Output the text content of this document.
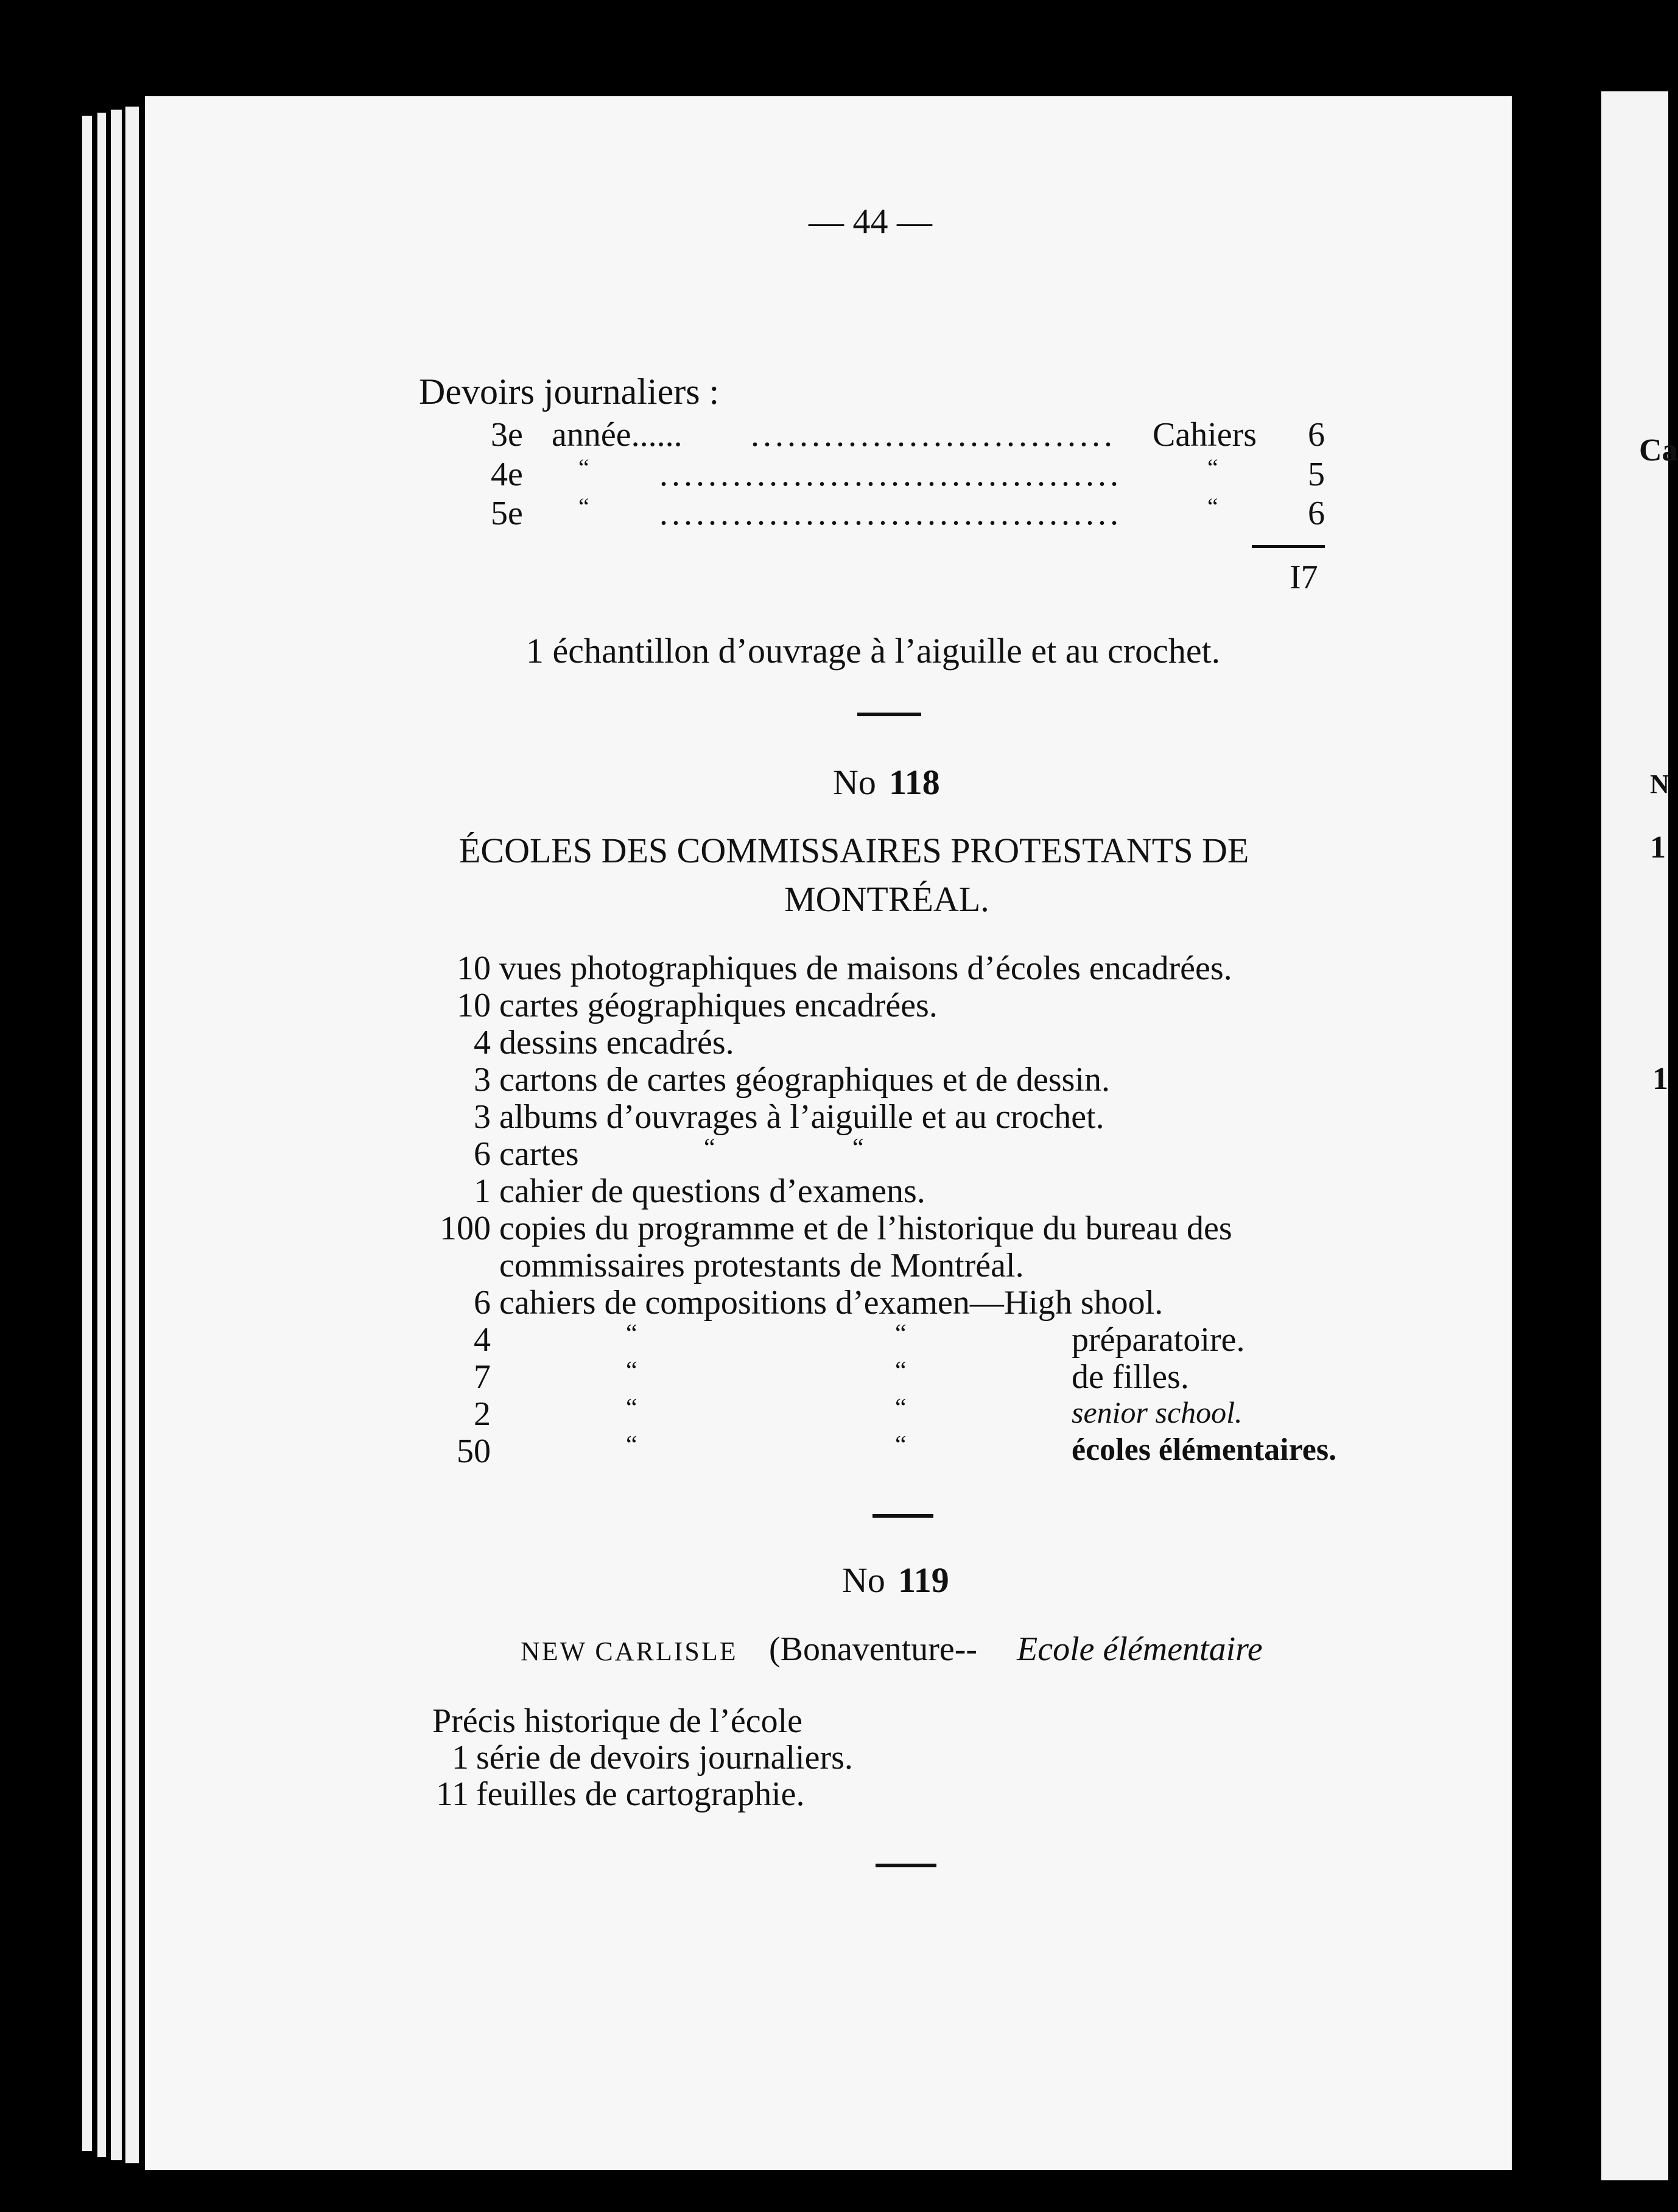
Ca
N
1
1
— 44 —
Devoirs journaliers :
3e année...... .............................. Cahiers 6
4e “ ......................................	“	5
5e “ ......................................	“	6
I7
1 échantillon d’ouvrage à l’aiguille et au crochet.
No 118
ÉCOLES DES COMMISSAIRES PROTESTANTS DE
MONTRÉAL.
10 vues photographiques de maisons d’écoles encadrées.
10 cartes géographiques encadrées.
4 dessins encadrés.
3 cartons de cartes géographiques et de dessin.
3 albums d’ouvrages à l’aiguille et au crochet.
6 cartes	“	“
1 cahier de questions d’examens.
100 copies du programme et de l’historique du bureau des
commissaires protestants de Montréal.
6 cahiers de compositions d’examen—High shool.
4	“	“	préparatoire.
7	“	“	de filles.
2	“	“	senior school.
50	“	“	écoles élémentaires.
No 119
NEW CARLISLE (Bonaventure-- Ecole élémentaire
Précis historique de l’école
1 série de devoirs journaliers.
11 feuilles de cartographie.
